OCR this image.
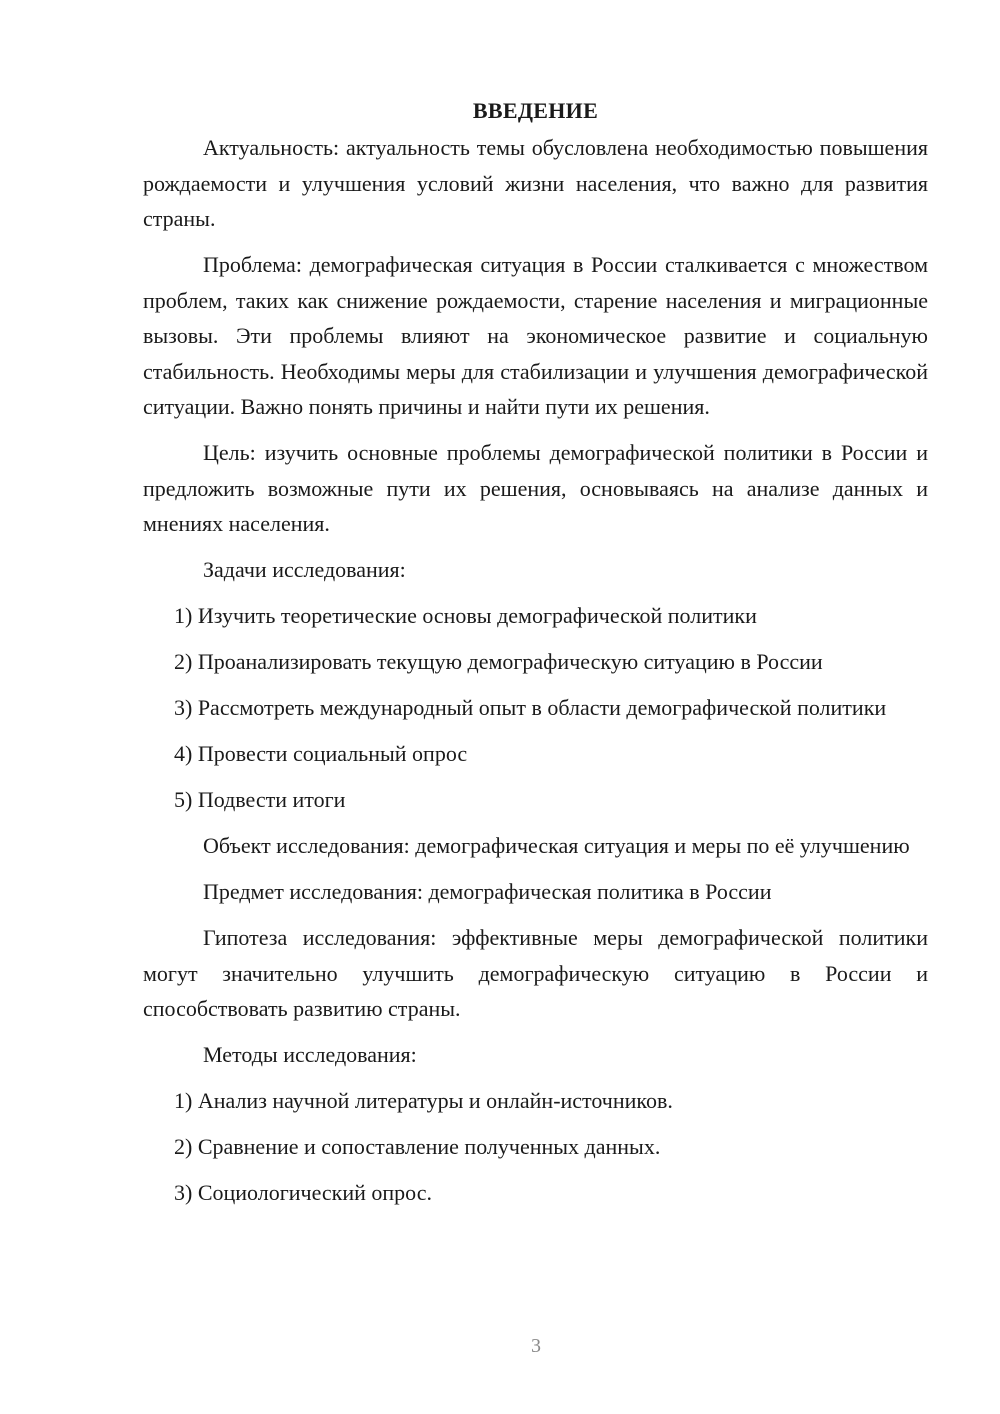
ВВЕДЕНИЕ

Актуальность: актуальность темы обусловлена необходимостью повышения рождаемости и улучшения условий жизни населения, что важно для развития страны.

Проблема: демографическая ситуация в России сталкивается с множеством проблем, таких как снижение рождаемости, старение населения и миграционные вызовы. Эти проблемы влияют на экономическое развитие и социальную стабильность. Необходимы меры для стабилизации и улучшения демографической ситуации. Важно понять причины и найти пути их решения.

Цель: изучить основные проблемы демографической политики в России и предложить возможные пути их решения, основываясь на анализе данных и мнениях населения.

Задачи исследования:

1) Изучить теоретические основы демографической политики

2) Проанализировать текущую демографическую ситуацию в России

3) Рассмотреть международный опыт в области демографической политики

4) Провести социальный опрос

5) Подвести итоги

Объект исследования: демографическая ситуация и меры по её улучшению

Предмет исследования: демографическая политика в России

Гипотеза исследования: эффективные меры демографической политики могут значительно улучшить демографическую ситуацию в России и способствовать развитию страны.

Методы исследования:

1) Анализ научной литературы и онлайн-источников.

2) Сравнение и сопоставление полученных данных.

3) Социологический опрос.

3
